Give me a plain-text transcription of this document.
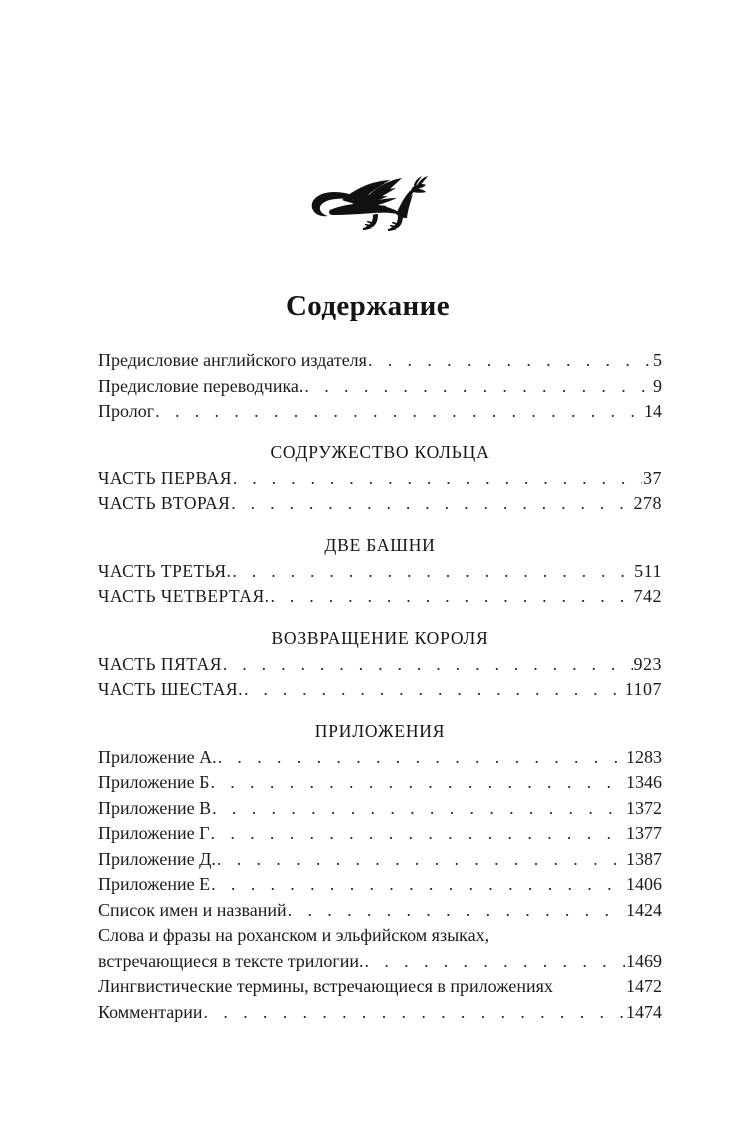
Содержание
Предисловие английского издателя . . .	5
Предисловие переводчика. . . .	9
Пролог . . .	14
СОДРУЖЕСТВО КОЛЬЦА
ЧАСТЬ ПЕРВАЯ . . .	37
ЧАСТЬ ВТОРАЯ . . .	278
ДВЕ БАШНИ
ЧАСТЬ ТРЕТЬЯ. . . .	511
ЧАСТЬ ЧЕТВЕРТАЯ. . . .	742
ВОЗВРАЩЕНИЕ КОРОЛЯ
ЧАСТЬ ПЯТАЯ . . .	923
ЧАСТЬ ШЕСТАЯ. . . .	1107
ПРИЛОЖЕНИЯ
Приложение А. . . .	1283
Приложение Б . . .	1346
Приложение В . . .	1372
Приложение Г . . .	1377
Приложение Д. . . .	1387
Приложение Е . . .	1406
Список имен и названий . . .	1424
Слова и фразы на роханском и эльфийском языках,
встречающиеся в тексте трилогии. . . .	1469
Лингвистические термины, встречающиеся в приложениях	1472
Комментарии . . .	1474
